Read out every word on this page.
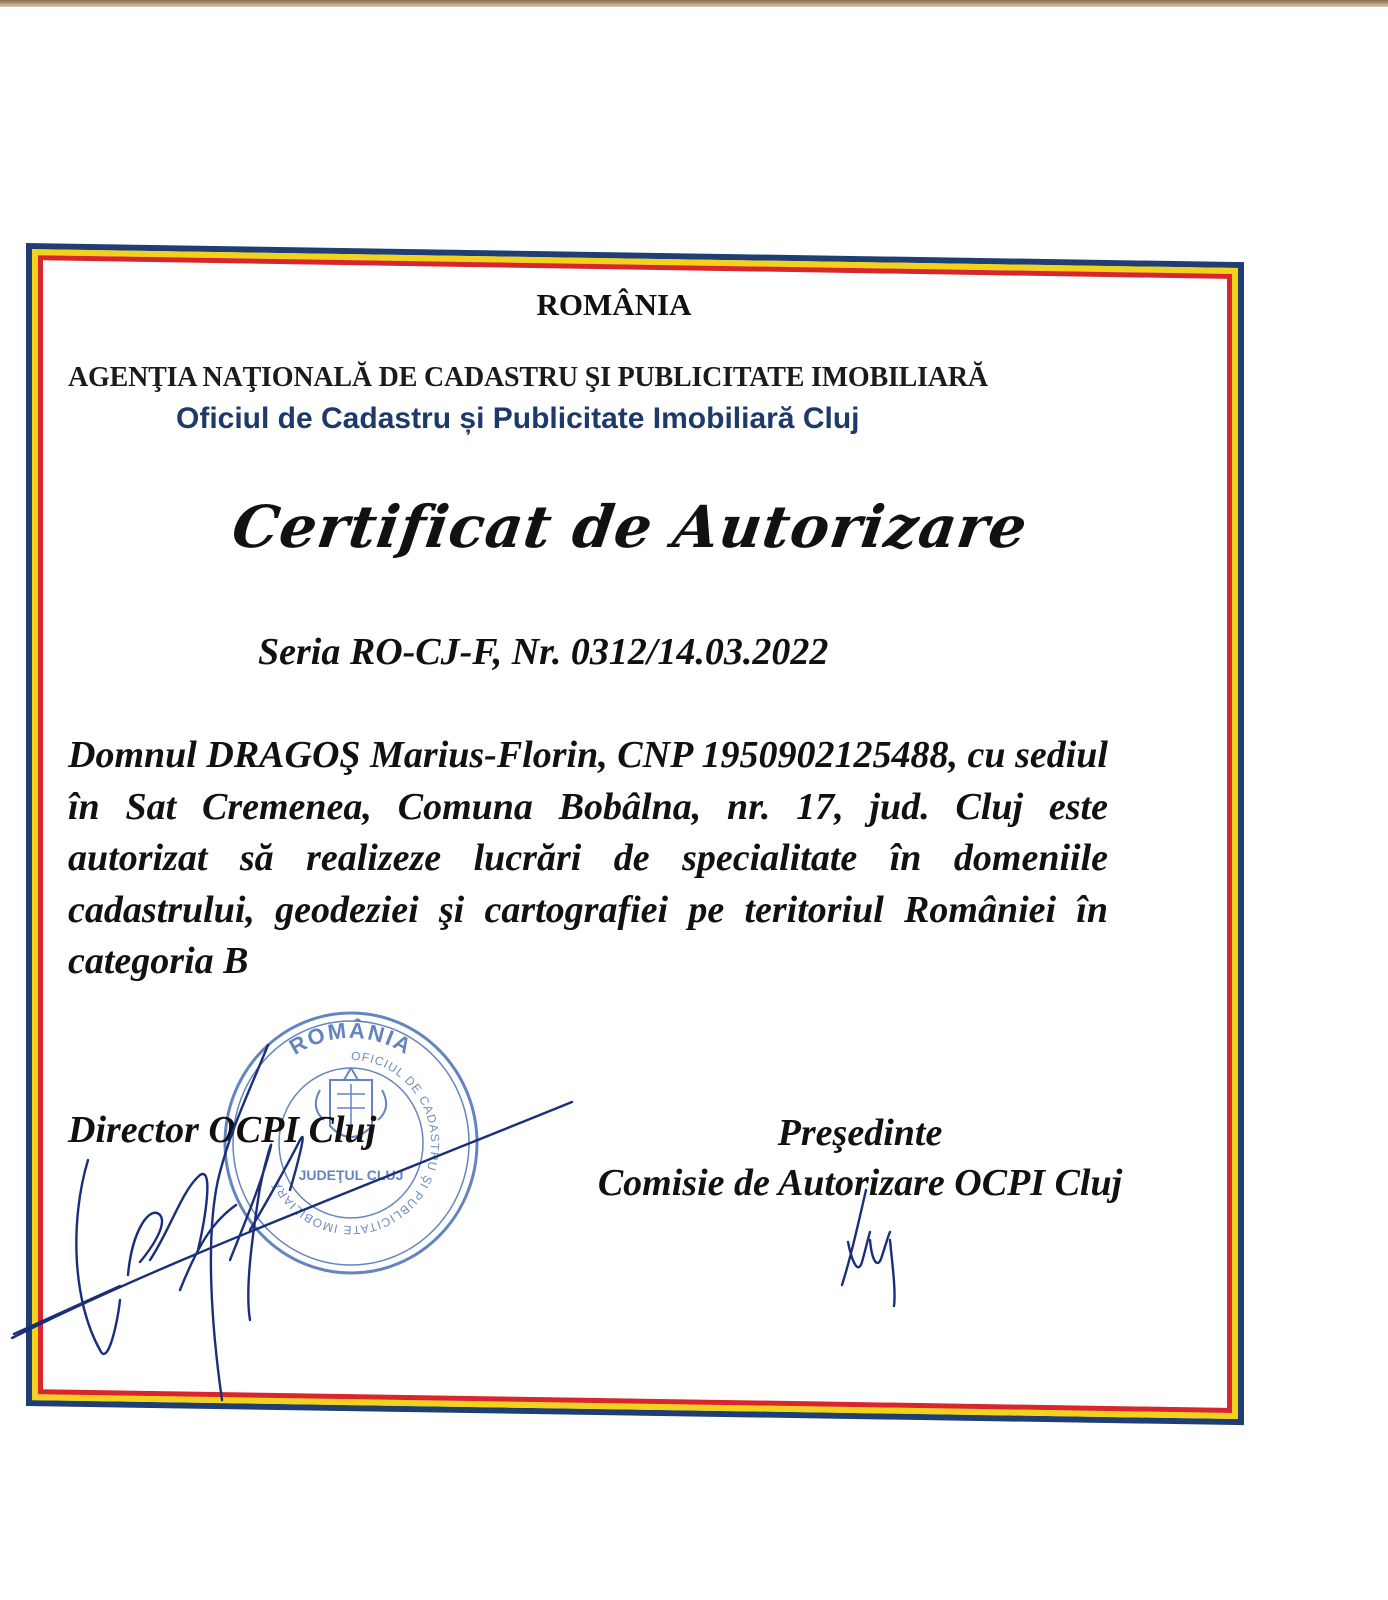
ROMÂNIA
AGENŢIA NAŢIONALĂ DE CADASTRU ŞI PUBLICITATE IMOBILIARĂ
Oficiul de Cadastru și Publicitate Imobiliară Cluj
Certificat de Autorizare
Seria RO-CJ-F, Nr. 0312/14.03.2022
Domnul DRAGOŞ Marius-Florin, CNP 1950902125488, cu sediul în Sat Cremenea, Comuna Bobâlna, nr. 17, jud. Cluj este autorizat să realizeze lucrări de specialitate în domeniile cadastrului, geodeziei şi cartografiei pe teritoriul României în categoria B
ROMÂNIA
OFICIUL DE CADASTRU ŞI PUBLICITATE IMOBILIARĂ
JUDEŢUL CLUJ
Director OCPI Cluj	Preşedinte
Comisie de Autorizare OCPI Cluj
